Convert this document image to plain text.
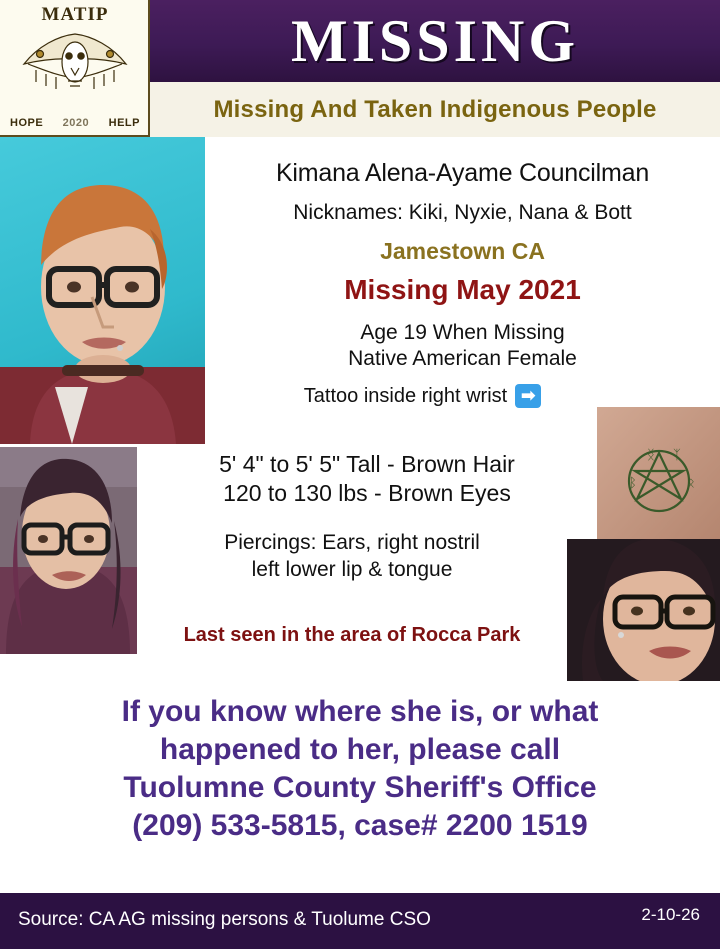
MATIP
HOPE 2020 HELP
MISSING
Missing And Taken Indigenous People
Kimana Alena-Ayame Councilman
Nicknames: Kiki, Nyxie, Nana & Bott
Jamestown CA
Missing May 2021
Age 19 When Missing
Native American Female
Tattoo inside right wrist ➡
ᛝ ᛉ
ᛒ	ᛟ
5' 4" to 5' 5" Tall - Brown Hair
120 to 130 lbs - Brown Eyes
Piercings: Ears, right nostril
left lower lip & tongue
Last seen in the area of Rocca Park
If you know where she is, or what
happened to her, please call
Tuolumne County Sheriff's Office
(209) 533-5815, case# 2200 1519
Source: CA AG missing persons & Tuolume CSO	2-10-26
